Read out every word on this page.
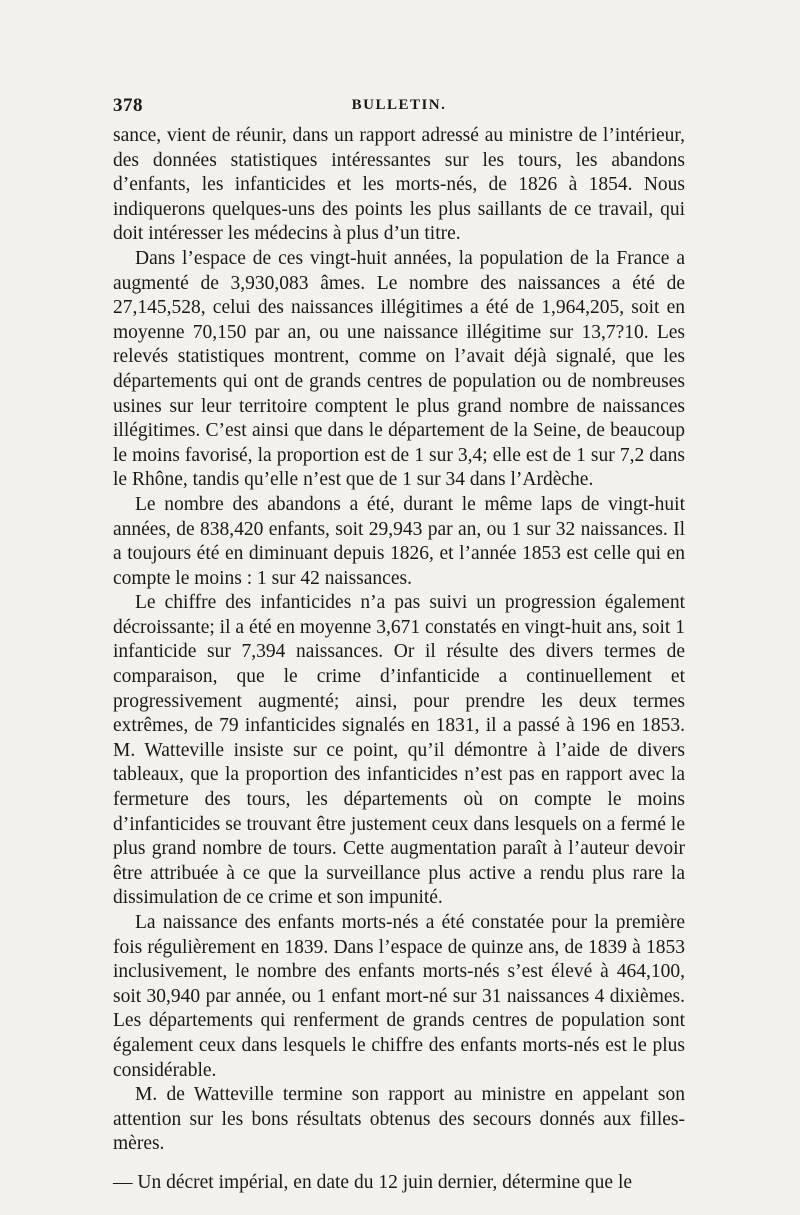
378	BULLETIN.

sance, vient de réunir, dans un rapport adressé au ministre de l’intérieur, des données statistiques intéressantes sur les tours, les abandons d’enfants, les infanticides et les morts-nés, de 1826 à 1854. Nous indiquerons quelques-uns des points les plus saillants de ce travail, qui doit intéresser les médecins à plus d’un titre.

Dans l’espace de ces vingt-huit années, la population de la France a augmenté de 3,930,083 âmes. Le nombre des naissances a été de 27,145,528, celui des naissances illégitimes a été de 1,964,205, soit en moyenne 70,150 par an, ou une naissance illégitime sur 13,7?10. Les relevés statistiques montrent, comme on l’avait déjà signalé, que les départements qui ont de grands centres de population ou de nombreuses usines sur leur territoire comptent le plus grand nombre de naissances illégitimes. C’est ainsi que dans le département de la Seine, de beaucoup le moins favorisé, la proportion est de 1 sur 3,4; elle est de 1 sur 7,2 dans le Rhône, tandis qu’elle n’est que de 1 sur 34 dans l’Ardèche.

Le nombre des abandons a été, durant le même laps de vingt-huit années, de 838,420 enfants, soit 29,943 par an, ou 1 sur 32 naissances. Il a toujours été en diminuant depuis 1826, et l’année 1853 est celle qui en compte le moins : 1 sur 42 naissances.

Le chiffre des infanticides n’a pas suivi un progression également décroissante; il a été en moyenne 3,671 constatés en vingt-huit ans, soit 1 infanticide sur 7,394 naissances. Or il résulte des divers termes de comparaison, que le crime d’infanticide a continuellement et progressivement augmenté; ainsi, pour prendre les deux termes extrêmes, de 79 infanticides signalés en 1831, il a passé à 196 en 1853. M. Watteville insiste sur ce point, qu’il démontre à l’aide de divers tableaux, que la proportion des infanticides n’est pas en rapport avec la fermeture des tours, les départements où on compte le moins d’infanticides se trouvant être justement ceux dans lesquels on a fermé le plus grand nombre de tours. Cette augmentation paraît à l’auteur devoir être attribuée à ce que la surveillance plus active a rendu plus rare la dissimulation de ce crime et son impunité.

La naissance des enfants morts-nés a été constatée pour la première fois régulièrement en 1839. Dans l’espace de quinze ans, de 1839 à 1853 inclusivement, le nombre des enfants morts-nés s’est élevé à 464,100, soit 30,940 par année, ou 1 enfant mort-né sur 31 naissances 4 dixièmes. Les départements qui renferment de grands centres de population sont également ceux dans lesquels le chiffre des enfants morts-nés est le plus considérable.

M. de Watteville termine son rapport au ministre en appelant son attention sur les bons résultats obtenus des secours donnés aux filles-mères.

— Un décret impérial, en date du 12 juin dernier, détermine que le
